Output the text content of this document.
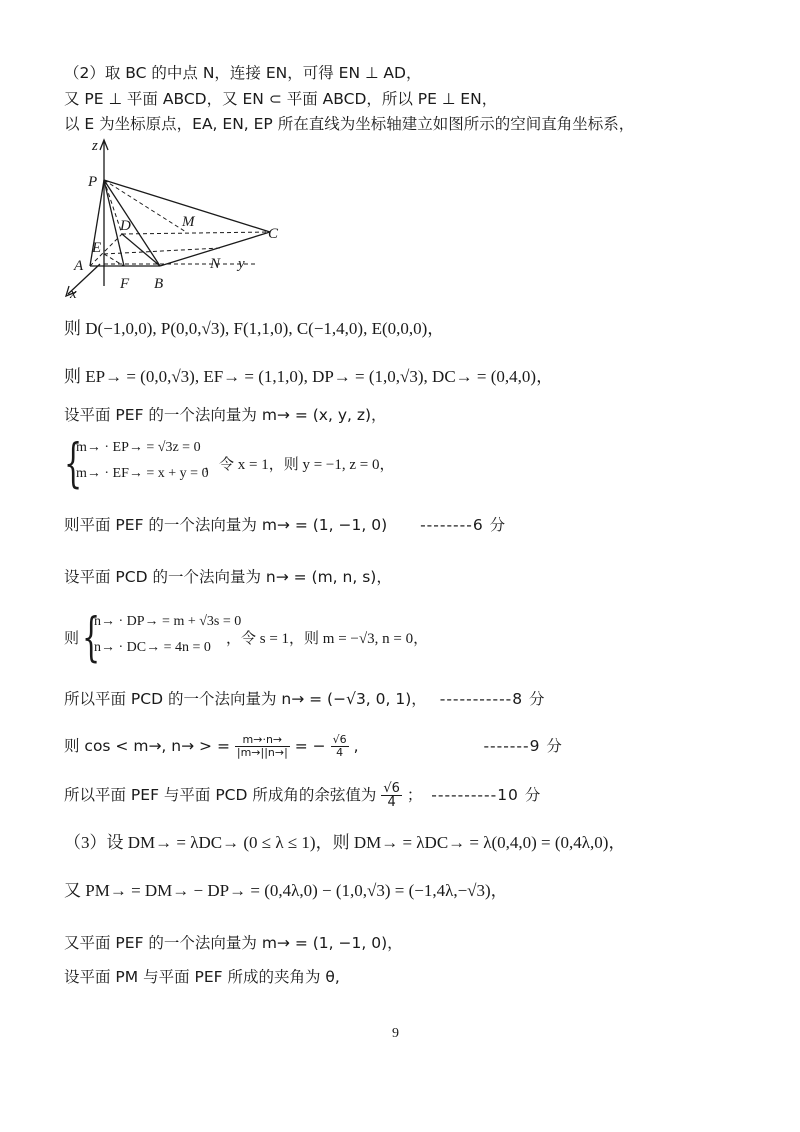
（2）取 BC 的中点 N，连接 EN，可得 EN ⊥ AD，
又 PE ⊥ 平面 ABCD，又 EN ⊂ 平面 ABCD，所以 PE ⊥ EN，
以 E 为坐标原点，EA, EN, EP 所在直线为坐标轴建立如图所示的空间直角坐标系，
z
P
D	M
C
E
A	N y
x
F B
则 D(−1,0,0), P(0,0,√3), F(1,1,0), C(−1,4,0), E(0,0,0)，
则 EP→ = (0,0,√3), EF→ = (1,1,0), DP→ = (1,0,√3), DC→ = (0,4,0)，
设平面 PEF 的一个法向量为 m→ = (x, y, z)，
{
m→ · EP→ = √3z = 0
m→ · EF→ = x + y = 0
，令 x = 1，则 y = −1, z = 0，
则平面 PEF 的一个法向量为 m→ = (1, −1, 0) --------6 分
设平面 PCD 的一个法向量为 n→ = (m, n, s)，
则 {
n→ · DP→ = m + √3s = 0
n→ · DC→ = 4n = 0
，令 s = 1，则 m = −√3, n = 0，
所以平面 PCD 的一个法向量为 n→ = (−√3, 0, 1)， -----------8 分
则 cos < m→, n→ > = $\frac{m\to\cdot n\to}{|m\to||n\to|}$ = − $\frac{√6}{4}$ ,	-------9 分
所以平面 PEF 与平面 PCD 所成角的余弦值为 $\frac{√6}{4}$ ； ----------10 分
（3）设 DM→ = λDC→ (0 ≤ λ ≤ 1)，则 DM→ = λDC→ = λ(0,4,0) = (0,4λ,0)，
又 PM→ = DM→ − DP→ = (0,4λ,0) − (1,0,√3) = (−1,4λ,−√3)，
又平面 PEF 的一个法向量为 m→ = (1, −1, 0)，
设平面 PM 与平面 PEF 所成的夹角为 θ,
9
